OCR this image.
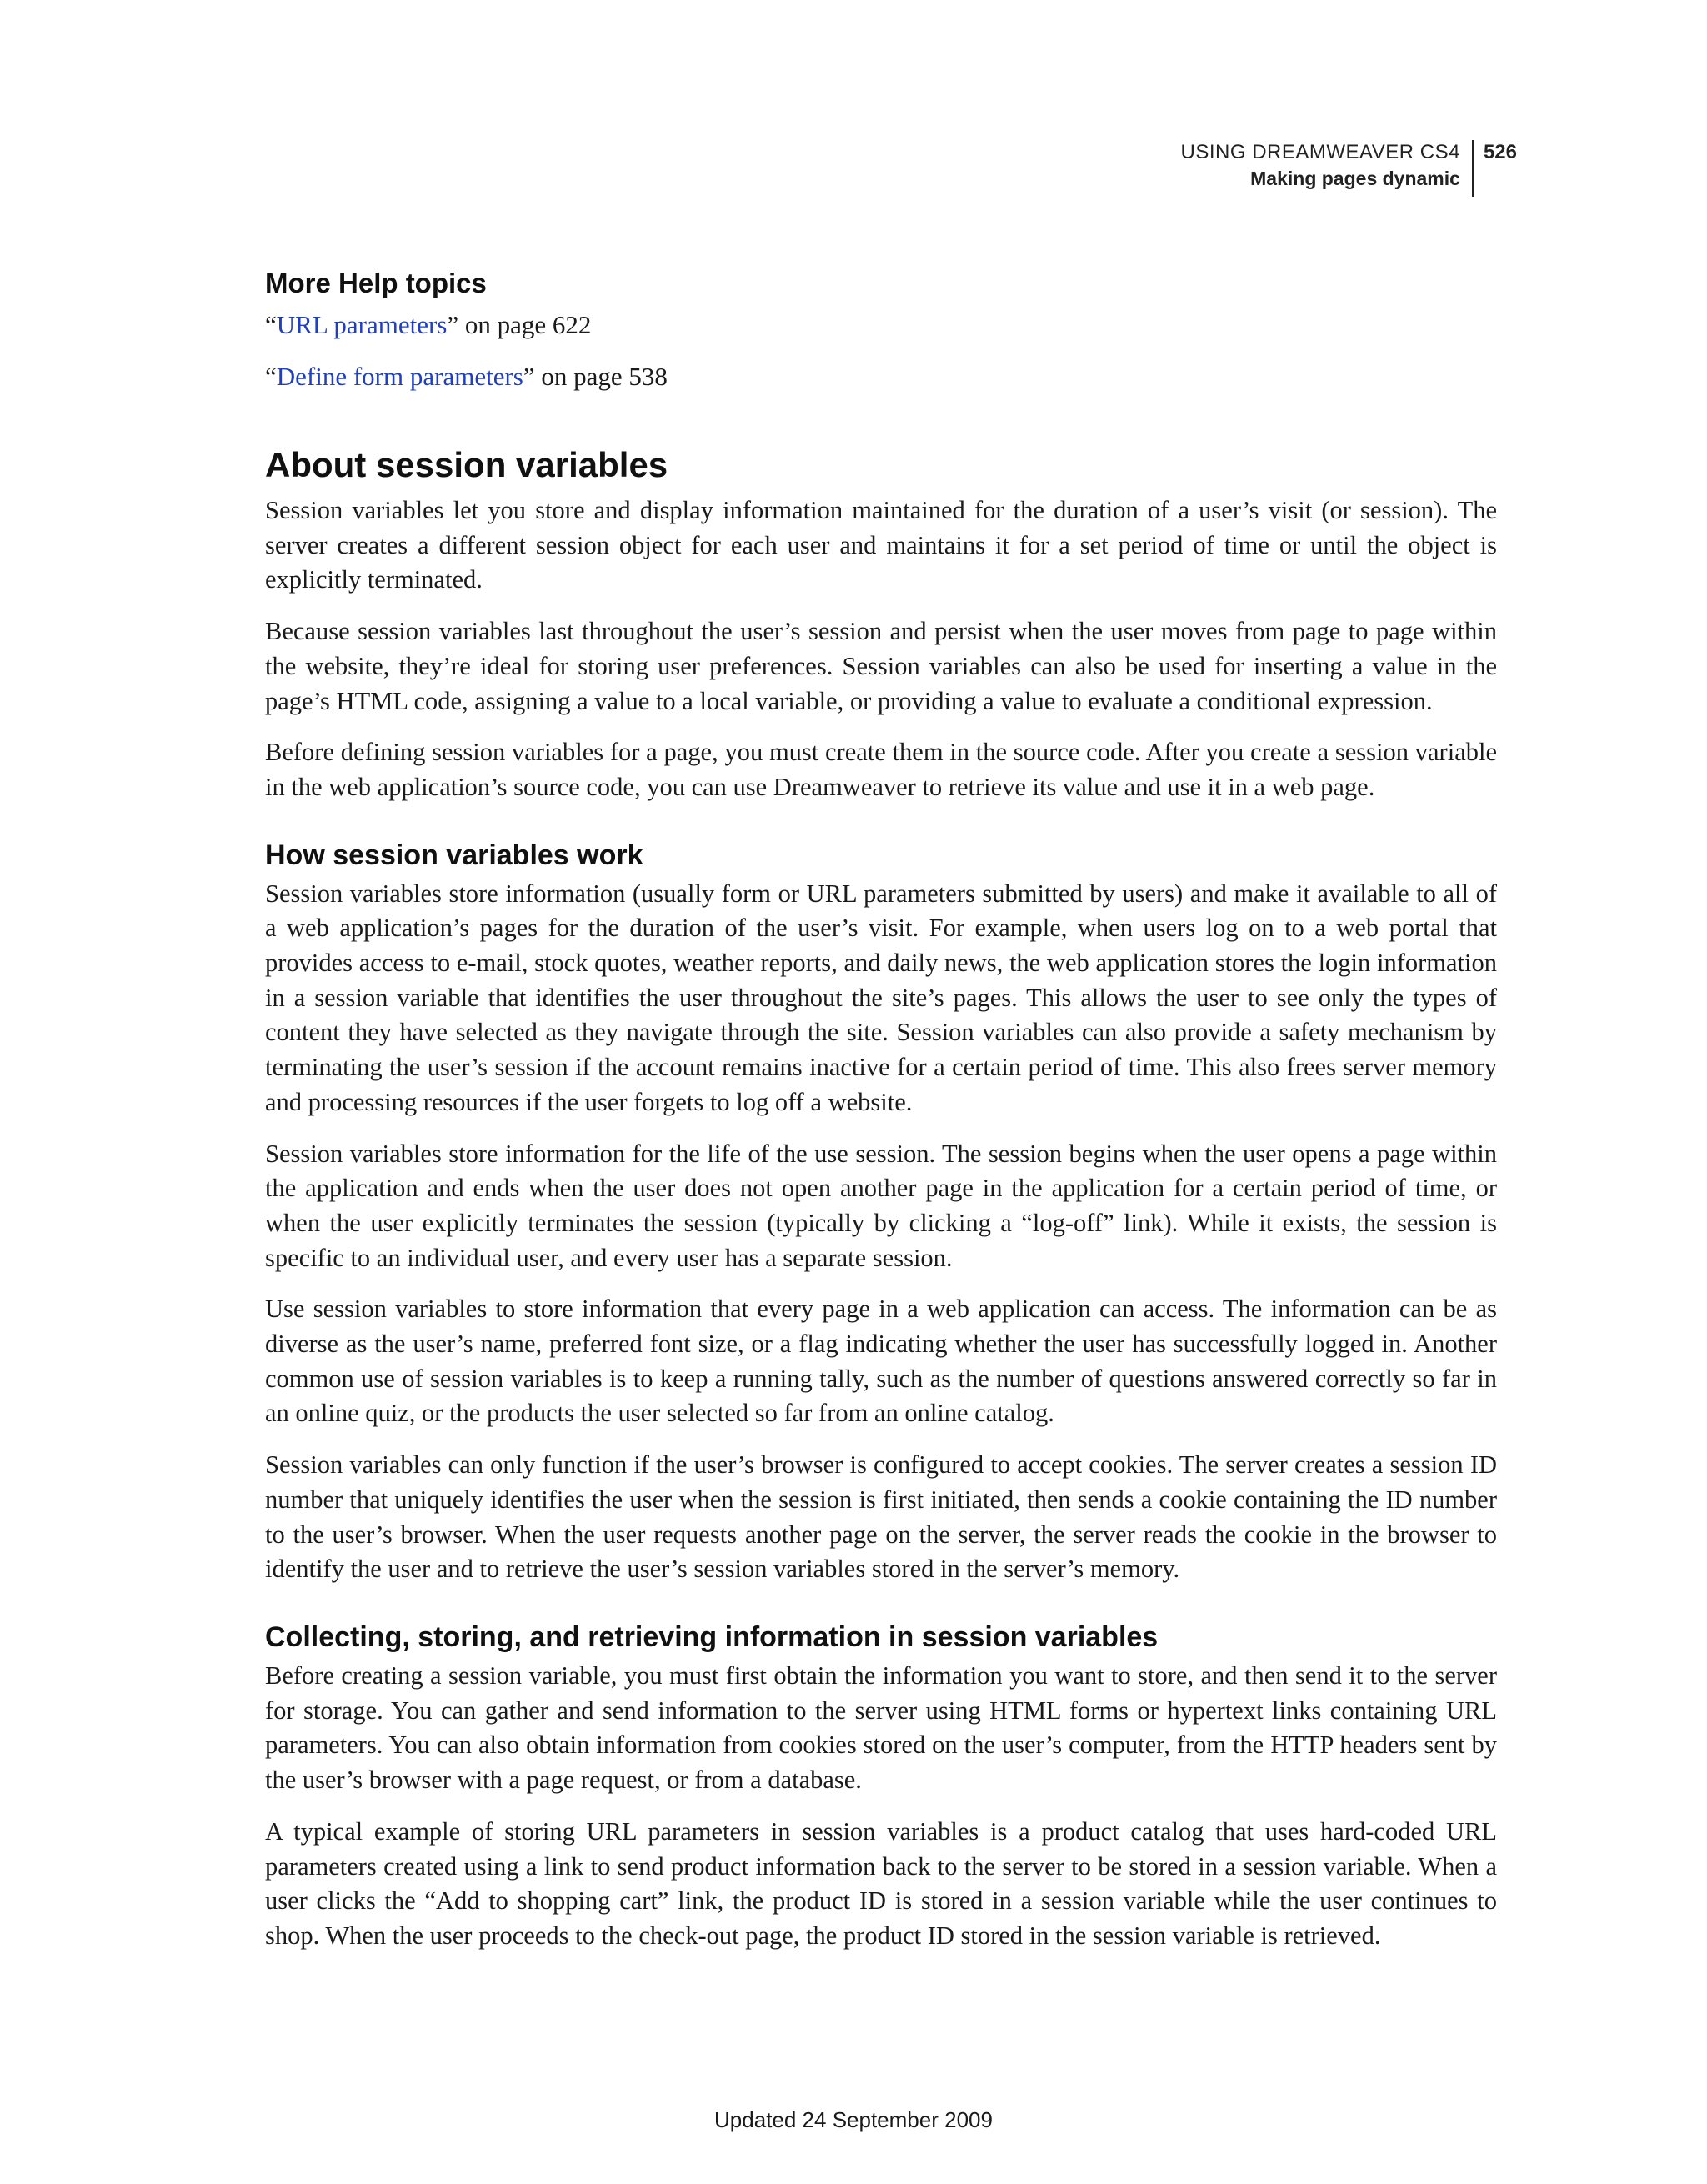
USING DREAMWEAVER CS4
Making pages dynamic
526
More Help topics

“URL parameters” on page 622

“Define form parameters” on page 538

About session variables

Session variables let you store and display information maintained for the duration of a user’s visit (or session). The server creates a different session object for each user and maintains it for a set period of time or until the object is explicitly terminated.

Because session variables last throughout the user’s session and persist when the user moves from page to page within the website, they’re ideal for storing user preferences. Session variables can also be used for inserting a value in the page’s HTML code, assigning a value to a local variable, or providing a value to evaluate a conditional expression.

Before defining session variables for a page, you must create them in the source code. After you create a session variable in the web application’s source code, you can use Dreamweaver to retrieve its value and use it in a web page.

How session variables work

Session variables store information (usually form or URL parameters submitted by users) and make it available to all of a web application’s pages for the duration of the user’s visit. For example, when users log on to a web portal that provides access to e-mail, stock quotes, weather reports, and daily news, the web application stores the login information in a session variable that identifies the user throughout the site’s pages. This allows the user to see only the types of content they have selected as they navigate through the site. Session variables can also provide a safety mechanism by terminating the user’s session if the account remains inactive for a certain period of time. This also frees server memory and processing resources if the user forgets to log off a website.

Session variables store information for the life of the use session. The session begins when the user opens a page within the application and ends when the user does not open another page in the application for a certain period of time, or when the user explicitly terminates the session (typically by clicking a “log-off” link). While it exists, the session is specific to an individual user, and every user has a separate session.

Use session variables to store information that every page in a web application can access. The information can be as diverse as the user’s name, preferred font size, or a flag indicating whether the user has successfully logged in. Another common use of session variables is to keep a running tally, such as the number of questions answered correctly so far in an online quiz, or the products the user selected so far from an online catalog.

Session variables can only function if the user’s browser is configured to accept cookies. The server creates a session ID number that uniquely identifies the user when the session is first initiated, then sends a cookie containing the ID number to the user’s browser. When the user requests another page on the server, the server reads the cookie in the browser to identify the user and to retrieve the user’s session variables stored in the server’s memory.

Collecting, storing, and retrieving information in session variables

Before creating a session variable, you must first obtain the information you want to store, and then send it to the server for storage. You can gather and send information to the server using HTML forms or hypertext links containing URL parameters. You can also obtain information from cookies stored on the user’s computer, from the HTTP headers sent by the user’s browser with a page request, or from a database.

A typical example of storing URL parameters in session variables is a product catalog that uses hard-coded URL parameters created using a link to send product information back to the server to be stored in a session variable. When a user clicks the “Add to shopping cart” link, the product ID is stored in a session variable while the user continues to shop. When the user proceeds to the check-out page, the product ID stored in the session variable is retrieved.

Updated 24 September 2009
